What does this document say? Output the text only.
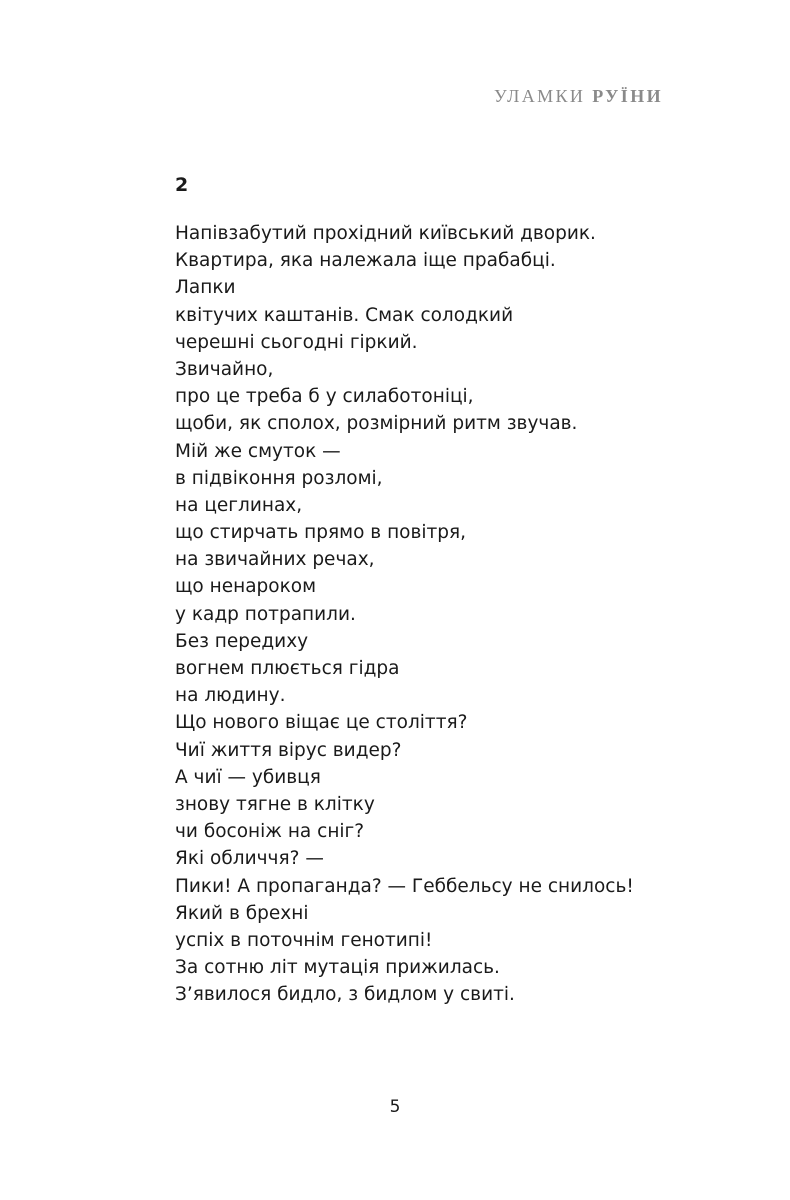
УЛАМКИ РУЇНИ
2
Напівзабутий прохідний київський дворик.
Квартира, яка належала іще прабабці.
Лапки
квітучих каштанів. Смак солодкий
черешні сьогодні гіркий.
Звичайно,
про це треба б у силаботоніці,
щоби, як сполох, розмірний ритм звучав.
Мій же смуток —
в підвіконня розломі,
на цеглинах,
що стирчать прямо в повітря,
на звичайних речах,
що ненароком
у кадр потрапили.
Без передиху
вогнем плюється гідра
на людину.
Що нового віщає це століття?
Чиї життя вірус видер?
А чиї — убивця
знову тягне в клітку
чи босоніж на сніг?
Які обличчя? —
Пики! А пропаганда? — Геббельсу не снилось!
Який в брехні
успіх в поточнім генотипі!
За сотню літ мутація прижилась.
З’явилося бидло, з бидлом у свиті.
5
